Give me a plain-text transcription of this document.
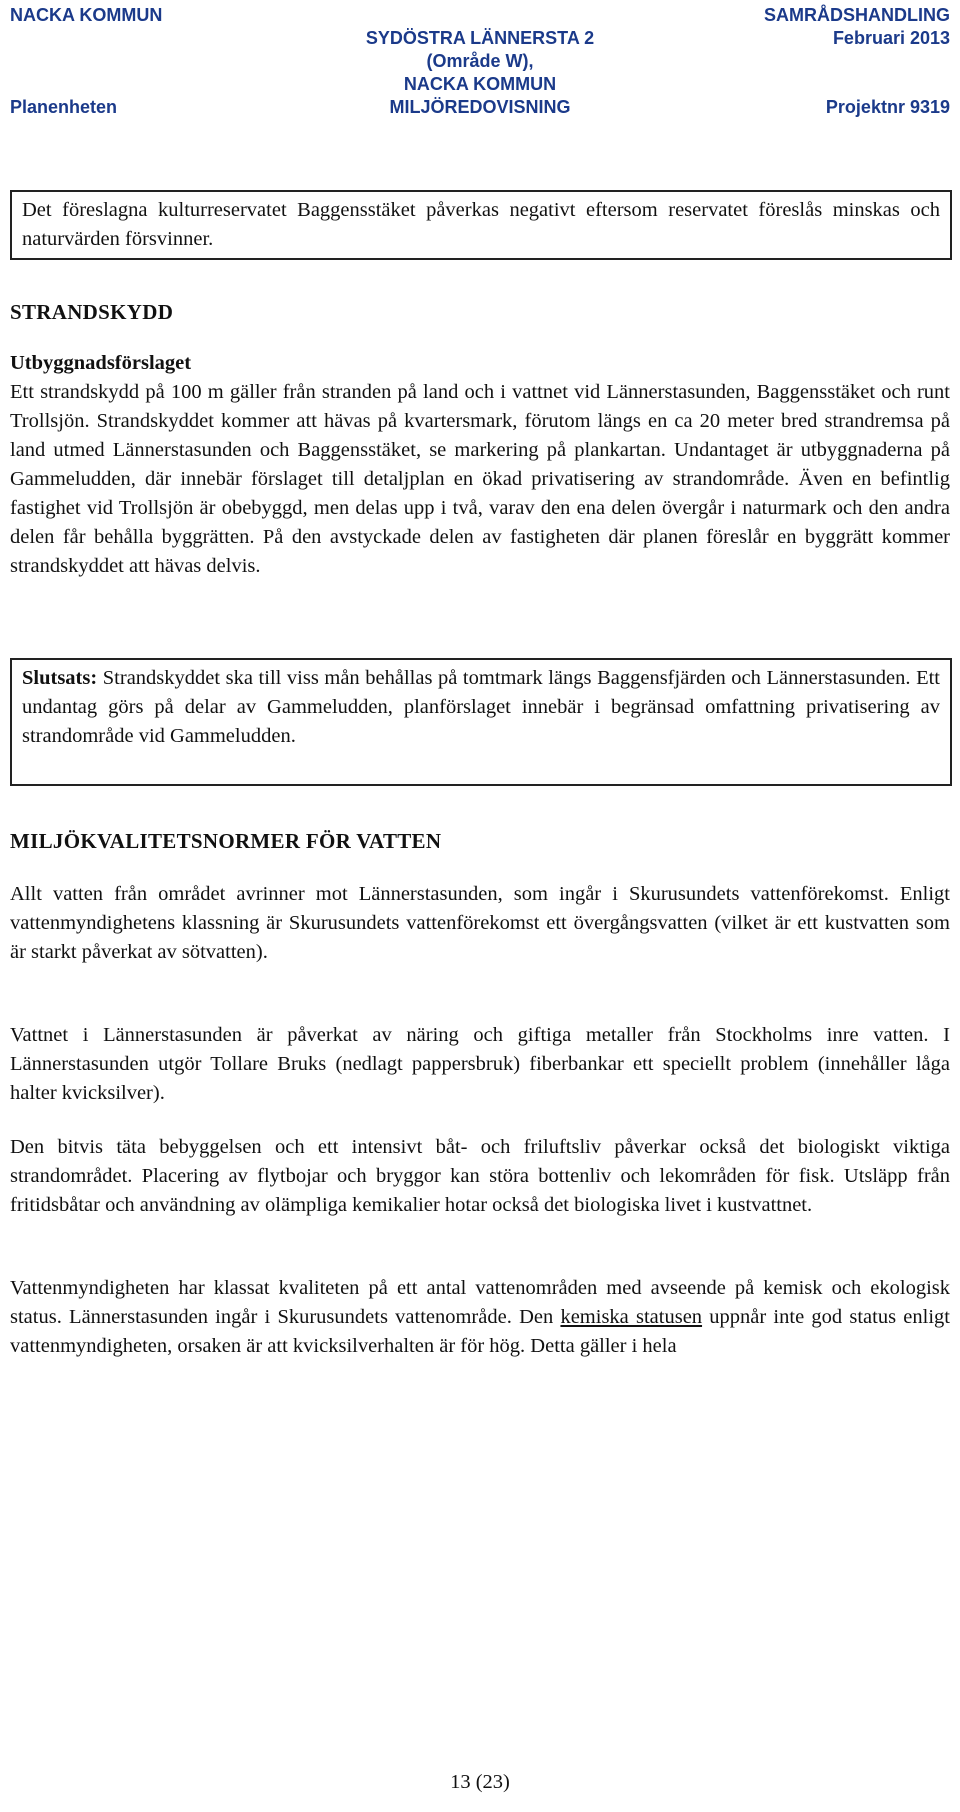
NACKA KOMMUN	SAMRÅDSHANDLING
SYDÖSTRA LÄNNERSTA 2	Februari 2013
(Område W),
NACKA KOMMUN
Planenheten	MILJÖREDOVISNING	Projektnr 9319

Det föreslagna kulturreservatet Baggensstäket påverkas negativt eftersom reservatet föreslås minskas och naturvärden försvinner.

STRANDSKYDD
Utbyggnadsförslaget

Ett strandskydd på 100 m gäller från stranden på land och i vattnet vid Lännerstasunden, Baggensstäket och runt Trollsjön. Strandskyddet kommer att hävas på kvartersmark, förutom längs en ca 20 meter bred strandremsa på land utmed Lännerstasunden och Baggensstäket, se markering på plankartan. Undantaget är utbyggnaderna på Gammeludden, där innebär förslaget till detaljplan en ökad privatisering av strandområde. Även en befintlig fastighet vid Trollsjön är obebyggd, men delas upp i två, varav den ena delen övergår i naturmark och den andra delen får behålla byggrätten. På den avstyckade delen av fastigheten där planen föreslår en byggrätt kommer strandskyddet att hävas delvis.

Slutsats: Strandskyddet ska till viss mån behållas på tomtmark längs Baggensfjärden och Lännerstasunden. Ett undantag görs på delar av Gammeludden, planförslaget innebär i begränsad omfattning privatisering av strandområde vid Gammeludden.

MILJÖKVALITETSNORMER FÖR VATTEN

Allt vatten från området avrinner mot Lännerstasunden, som ingår i Skurusundets vattenförekomst. Enligt vattenmyndighetens klassning är Skurusundets vattenförekomst ett övergångsvatten (vilket är ett kustvatten som är starkt påverkat av sötvatten).

Vattnet i Lännerstasunden är påverkat av näring och giftiga metaller från Stockholms inre vatten. I Lännerstasunden utgör Tollare Bruks (nedlagt pappersbruk) fiberbankar ett speciellt problem (innehåller låga halter kvicksilver).

Den bitvis täta bebyggelsen och ett intensivt båt- och friluftsliv påverkar också det biologiskt viktiga strandområdet. Placering av flytbojar och bryggor kan störa bottenliv och lekområden för fisk. Utsläpp från fritidsbåtar och användning av olämpliga kemikalier hotar också det biologiska livet i kustvattnet.

Vattenmyndigheten har klassat kvaliteten på ett antal vattenområden med avseende på kemisk och ekologisk status. Lännerstasunden ingår i Skurusundets vattenområde. Den kemiska statusen uppnår inte god status enligt vattenmyndigheten, orsaken är att kvicksilverhalten är för hög. Detta gäller i hela

13 (23)
